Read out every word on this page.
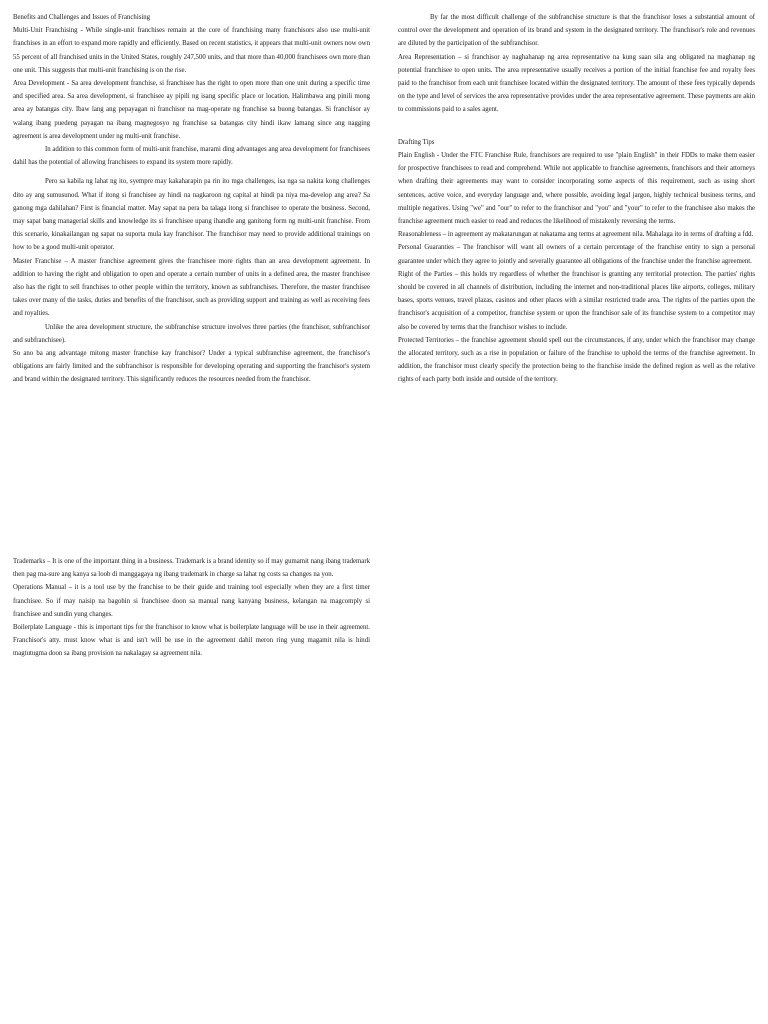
Benefits and Challenges and Issues of Franchising

Multi-Unit Franchising - While single-unit franchises remain at the core of franchising many franchisors also use multi-unit franchises in an effort to expand more rapidly and efficiently. Based on recent statistics, it appears that multi-unit owners now own 55 percent of all franchised units in the United States, roughly 247,500 units, and that more than 40,000 franchisees own more than one unit. This suggests that multi-unit franchising is on the rise.

Area Development - Sa area development franchise, si franchisee has the right to open more than one unit during a specific time and specified area. Sa area development, si franchisee ay pipili ng isang specific place or location. Halimbawa ang pinili mong area ay batangas city. Ibaw lang ang pepayagan ni franchisor na mag-operate ng franchise sa buong batangas. Si franchisor ay walang ibang puedeng payagan na ibang magnegosyo ng franchise sa batangas city hindi ikaw lamang since ang nagging agreement is area development under ng multi-unit franchise.

In addition to this common form of multi-unit franchise, marami ding advantages ang area development for franchisees dahil has the potential of allowing franchisees to expand its system more rapidly.

Pero sa kabila ng lahat ng ito, syempre may kakaharapin pa rin ito mga challenges, isa nga sa nakita kong challenges dito ay ang sumusunod. What if itong si franchisee ay hindi na nagkaroon ng capital at hindi pa niya ma-develop ang area? Sa ganong mga dahilahan? First is financial matter. May sapat na pera ba talaga itong si franchisee to operate the business. Second, may sapat bang managerial skills and knowledge its si franchisee upang ihandle ang ganitong form ng multi-unit franchise. From this scenario, kinakailangan ng sapat na suporta mula kay franchisor. The franchisor may need to provide additional trainings on how to be a good multi-unit operator.

Master Franchise – A master franchise agreement gives the franchisee more rights than an area development agreement. In addition to having the right and obligation to open and operate a certain number of units in a defined area, the master franchisee also has the right to sell franchises to other people within the territory, known as subfranchises. Therefore, the master franchisee takes over many of the tasks, duties and benefits of the franchisor, such as providing support and training as well as receiving fees and royalties.

Unlike the area development structure, the subfranchise structure involves three parties (the franchisor, subfranchisor and subfranchisee).

So ano ba ang advantage mitong master franchise kay franchisor? Under a typical subfranchise agreement, the franchisor's obligations are fairly limited and the subfranchisor is responsible for developing operating and supporting the franchisor's system and brand within the designated territory. This significantly reduces the resources needed from the franchisor.

Trademarks – It is one of the important thing in a business. Trademark is a brand identity so if may gumamit nang ibang trademark then pag ma-sure ang kanya sa loob di manggagaya ng ibang trademark in charge sa lahat ng costs sa changes na yon.

Operations Manual – it is a tool use by the franchise to be their guide and training tool especially when they are a first timer franchisee. So if may naisip na bagohin si franchisee doon sa manual nang kanyang business, kelangan na magcomply si franchisee and sundin yung changes.

Boilerplate Language - this is important tips for the franchisor to know what is boilerplate language will be use in their agreement. Franchisor's atty. must know what is and isn't will be use in the agreement dahil meron ring yung magamit nila is hindi magtutugma doon sa ibang provision na nakalagay sa agreement nila.

By far the most difficult challenge of the subfranchise structure is that the franchisor loses a substantial amount of control over the development and operation of its brand and system in the designated territory. The franchisor's role and revenues are diluted by the participation of the subfranchisor.

Area Representation – si franchisor ay naghahanap ng area representative na kung saan sila ang obligated na maghanap ng potential franchisee to open units. The area representative usually receives a portion of the initial franchise fee and royalty fees paid to the franchisor from each unit franchisee located within the designated territory. The amount of these fees typically depends on the type and level of services the area representative provides under the area representative agreement. These payments are akin to commissions paid to a sales agent.

Drafting Tips

Plain English - Under the FTC Franchise Rule, franchisors are required to use "plain English" in their FDDs to make them easier for prospective franchisees to read and comprehend. While not applicable to franchise agreements, franchisors and their attorneys when drafting their agreements may want to consider incorporating some aspects of this requirement, such as using short sentences, active voice, and everyday language and, where possible, avoiding legal jargon, highly technical business terms, and multiple negatives. Using "we" and "our" to refer to the franchisor and "you" and "your" to refer to the franchisee also makes the franchise agreement much easier to read and reduces the likelihood of mistakenly reversing the terms.

Reasonableness – in agreement ay makatarungan at nakatama ang terms at agreement nila. Mahalaga ito in terms of drafting a fdd.

Personal Guaranties – The franchisor will want all owners of a certain percentage of the franchise entity to sign a personal guarantee under which they agree to jointly and severally guarantee all obligations of the franchise under the franchise agreement.

Right of the Parties – this holds try regardless of whether the franchisor is granting any territorial protection. The parties' rights should be covered in all channels of distribution, including the internet and non-traditional places like airports, colleges, military bases, sports venues, travel plazas, casinos and other places with a similar restricted trade area. The rights of the parties upon the franchisor's acquisition of a competitor, franchise system or upon the franchisor sale of its franchise system to a competitor may also be covered by terms that the franchisor wishes to include.

Protected Territories – the franchise agreement should spell out the circumstances, if any, under which the franchisor may change the allocated territory, such as a rise in population or failure of the franchise to uphold the terms of the franchise agreement. In addition, the franchisor must clearly specify the protection being to the franchise inside the defined region as well as the relative rights of each party both inside and outside of the territory.
